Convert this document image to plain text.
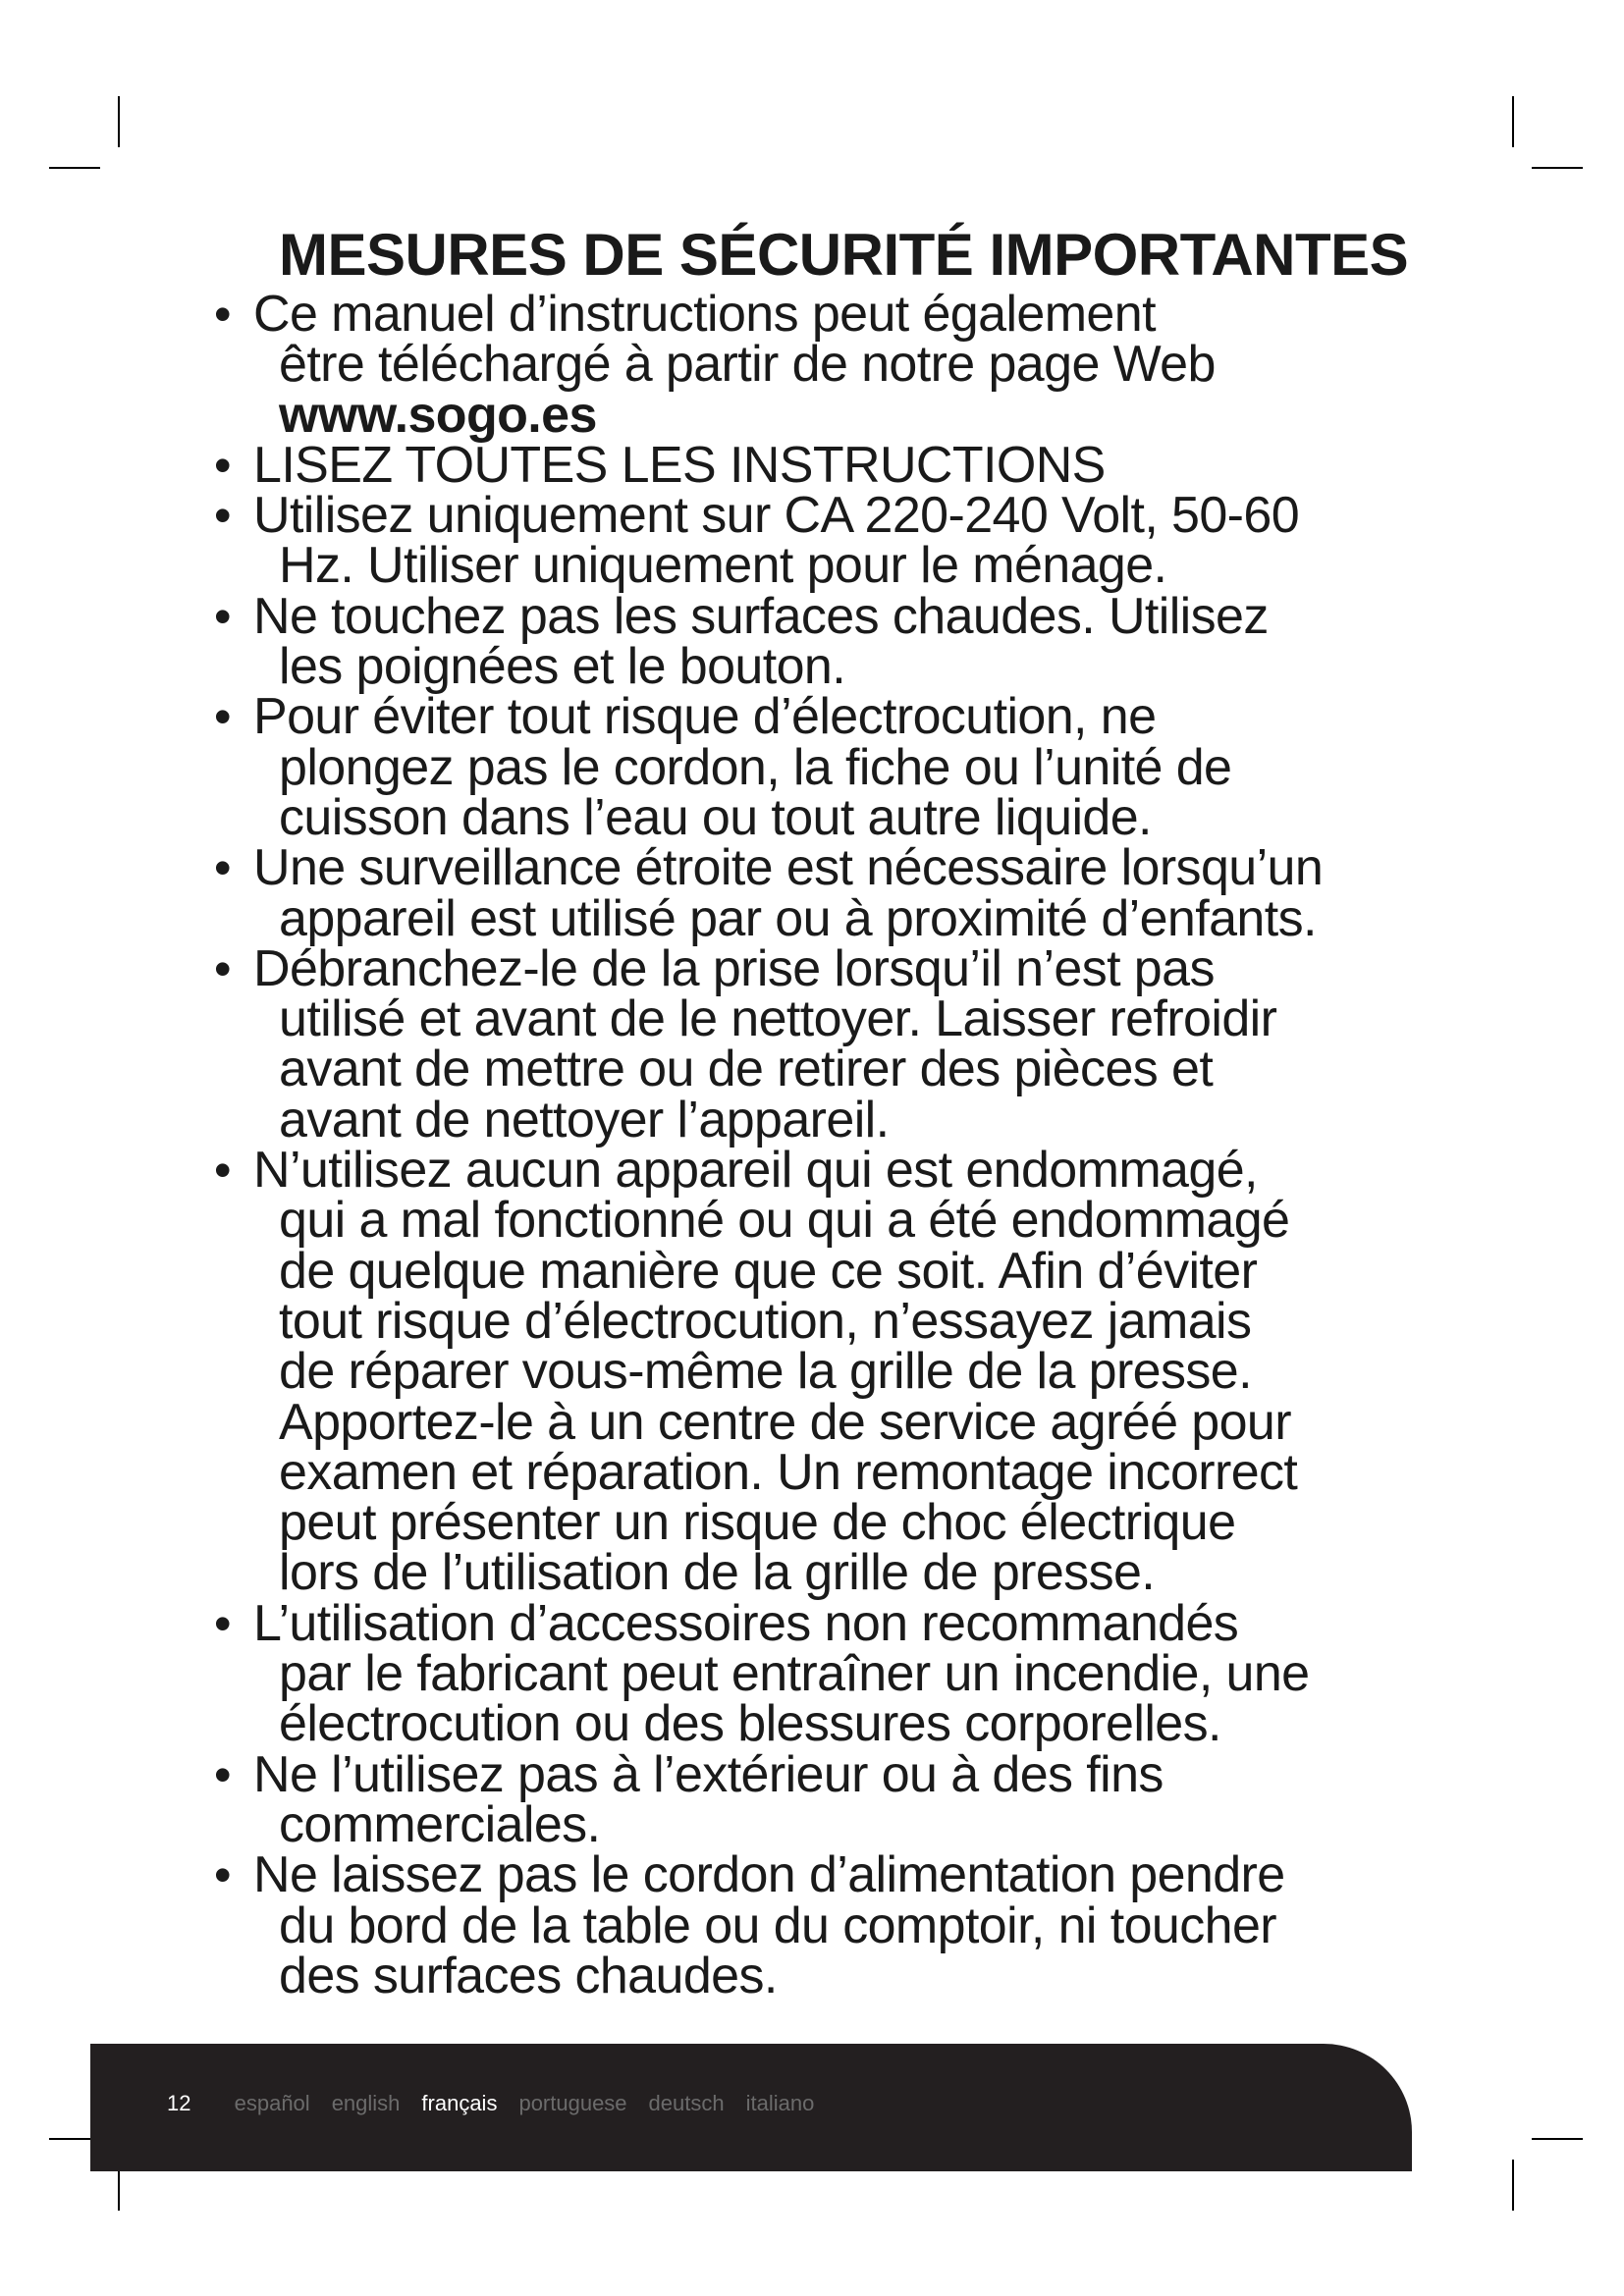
MESURES DE SÉCURITÉ IMPORTANTES
• Ce manuel d’instructions peut également

être téléchargé à partir de notre page Web

www.sogo.es

• LISEZ TOUTES LES INSTRUCTIONS

• Utilisez uniquement sur CA 220-240 Volt, 50-60

Hz. Utiliser uniquement pour le ménage.

• Ne touchez pas les surfaces chaudes. Utilisez

les poignées et le bouton.

• Pour éviter tout risque d’électrocution, ne

plongez pas le cordon, la fiche ou l’unité de

cuisson dans l’eau ou tout autre liquide.

• Une surveillance étroite est nécessaire lorsqu’un

appareil est utilisé par ou à proximité d’enfants.

• Débranchez-le de la prise lorsqu’il n’est pas

utilisé et avant de le nettoyer. Laisser refroidir

avant de mettre ou de retirer des pièces et

avant de nettoyer l’appareil.

• N’utilisez aucun appareil qui est endommagé,

qui a mal fonctionné ou qui a été endommagé

de quelque manière que ce soit. Afin d’éviter

tout risque d’électrocution, n’essayez jamais

de réparer vous-même la grille de la presse.

Apportez-le à un centre de service agréé pour

examen et réparation. Un remontage incorrect

peut présenter un risque de choc électrique

lors de l’utilisation de la grille de presse.

• L’utilisation d’accessoires non recommandés

par le fabricant peut entraîner un incendie, une

électrocution ou des blessures corporelles.

• Ne l’utilisez pas à l’extérieur ou à des fins

commerciales.

• Ne laissez pas le cordon d’alimentation pendre

du bord de la table ou du comptoir, ni toucher

des surfaces chaudes.

12 español english français portuguese deutsch italiano
